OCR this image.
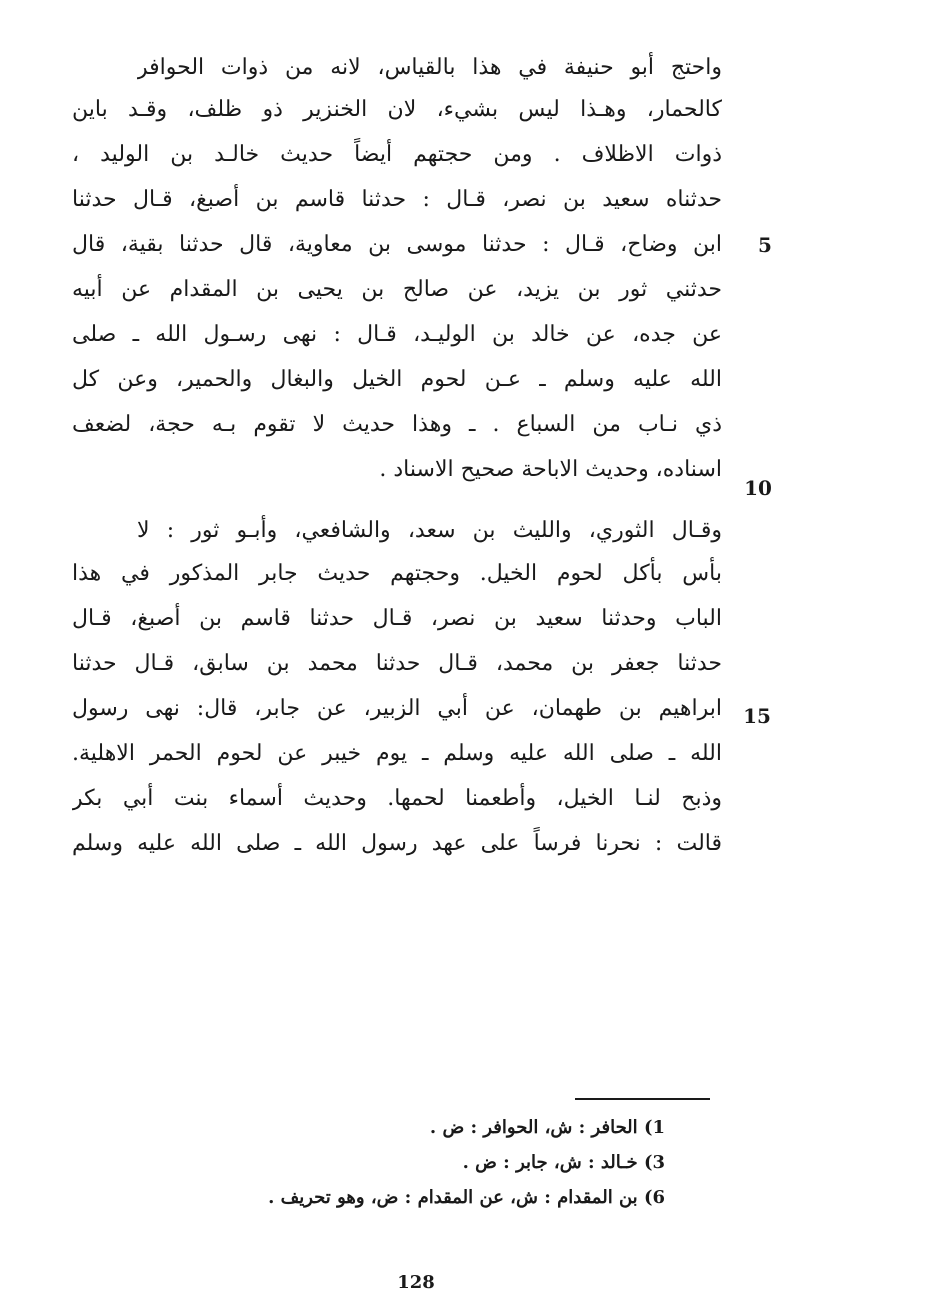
واحتج أبو حنيفة في هذا بالقياس، لانه من ذوات الحوافر
كالحمار، وهـذا ليس بشيء، لان الخنزير ذو ظلف، وقـد باين
ذوات الاظلاف . ومن حجتهم أيضاً حديث خالـد بن الوليد ،
حدثناه سعيد بن نصر، قـال : حدثنا قاسم بن أصبغ، قـال حدثنا
ابن وضاح، قـال : حدثنا موسى بن معاوية، قال حدثنا بقية، قال
حدثني ثور بن يزيد، عن صالح بن يحيى بن المقدام عن أبيه
عن جده، عن خالد بن الوليـد، قـال : نهى رسـول الله ـ صلى
الله عليه وسلم ـ عـن لحوم الخيل والبغال والحمير، وعن كل
ذي نـاب من السباع . ـ وهذا حديث لا تقوم بـه حجة، لضعف
اسناده، وحديث الاباحة صحيح الاسناد .
وقـال الثوري، والليث بن سعد، والشافعي، وأبـو ثور : لا
بأس بأكل لحوم الخيل. وحجتهم حديث جابر المذكور في هذا
الباب وحدثنا سعيد بن نصر، قـال حدثنا قاسم بن أصبغ، قـال
حدثنا جعفر بن محمد، قـال حدثنا محمد بن سابق، قـال حدثنا
ابراهيم بن طهمان، عن أبي الزبير، عن جابر، قال: نهى رسول
الله ـ صلى الله عليه وسلم ـ يوم خيبر عن لحوم الحمر الاهلية.
وذبح لنـا الخيل، وأطعمنا لحمها. وحديث أسماء بنت أبي بكر
قالت : نحرنا فرساً على عهد رسول الله ـ صلى الله عليه وسلم
5
10
15
1) الحافر : ش، الحوافر : ض .
3) خـالد : ش، جابر : ض .
6) بن المقدام : ش، عن المقدام : ض، وهو تحريف .
128
